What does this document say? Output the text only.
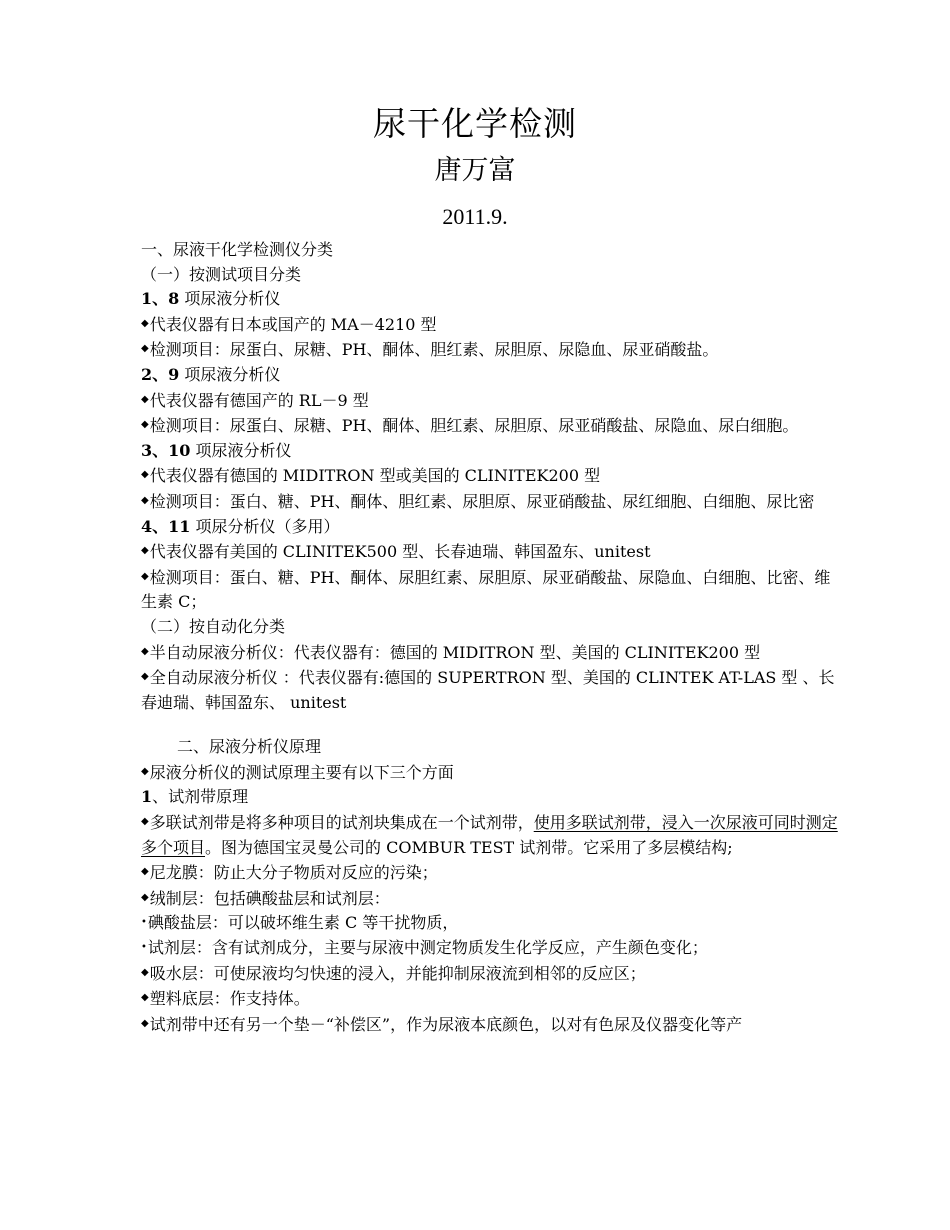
尿干化学检测
唐万富
2011.9.
一、尿液干化学检测仪分类
（一）按测试项目分类
1、8 项尿液分析仪
◆代表仪器有日本或国产的 MA－4210 型
◆检测项目：尿蛋白、尿糖、PH、酮体、胆红素、尿胆原、尿隐血、尿亚硝酸盐。
2、9 项尿液分析仪
◆代表仪器有德国产的 RL－9 型
◆检测项目：尿蛋白、尿糖、PH、酮体、胆红素、尿胆原、尿亚硝酸盐、尿隐血、尿白细胞。
3、10 项尿液分析仪
◆代表仪器有德国的 MIDITRON 型或美国的 CLINITEK200 型
◆检测项目：蛋白、糖、PH、酮体、胆红素、尿胆原、尿亚硝酸盐、尿红细胞、白细胞、尿比密
4、11 项尿分析仪（多用）
◆代表仪器有美国的 CLINITEK500 型、长春迪瑞、韩国盈东、unitest
◆检测项目：蛋白、糖、PH、酮体、尿胆红素、尿胆原、尿亚硝酸盐、尿隐血、白细胞、比密、维生素 C；
（二）按自动化分类
◆半自动尿液分析仪：代表仪器有：德国的 MIDITRON 型、美国的 CLINITEK200 型
◆全自动尿液分析仪 ：代表仪器有:德国的 SUPERTRON 型、美国的 CLINTEK AT-LAS 型 、长春迪瑞、韩国盈东、 unitest
二、尿液分析仪原理
◆尿液分析仪的测试原理主要有以下三个方面
1、试剂带原理
◆多联试剂带是将多种项目的试剂块集成在一个试剂带，使用多联试剂带，浸入一次尿液可同时测定多个项目。图为德国宝灵曼公司的 COMBUR TEST 试剂带。它采用了多层模结构;
◆尼龙膜：防止大分子物质对反应的污染；
◆绒制层：包括碘酸盐层和试剂层：
•碘酸盐层：可以破坏维生素 C 等干扰物质，
•试剂层：含有试剂成分，主要与尿液中测定物质发生化学反应，产生颜色变化；
◆吸水层：可使尿液均匀快速的浸入，并能抑制尿液流到相邻的反应区；
◆塑料底层：作支持体。
◆试剂带中还有另一个垫－“补偿区”，作为尿液本底颜色，以对有色尿及仪器变化等产
